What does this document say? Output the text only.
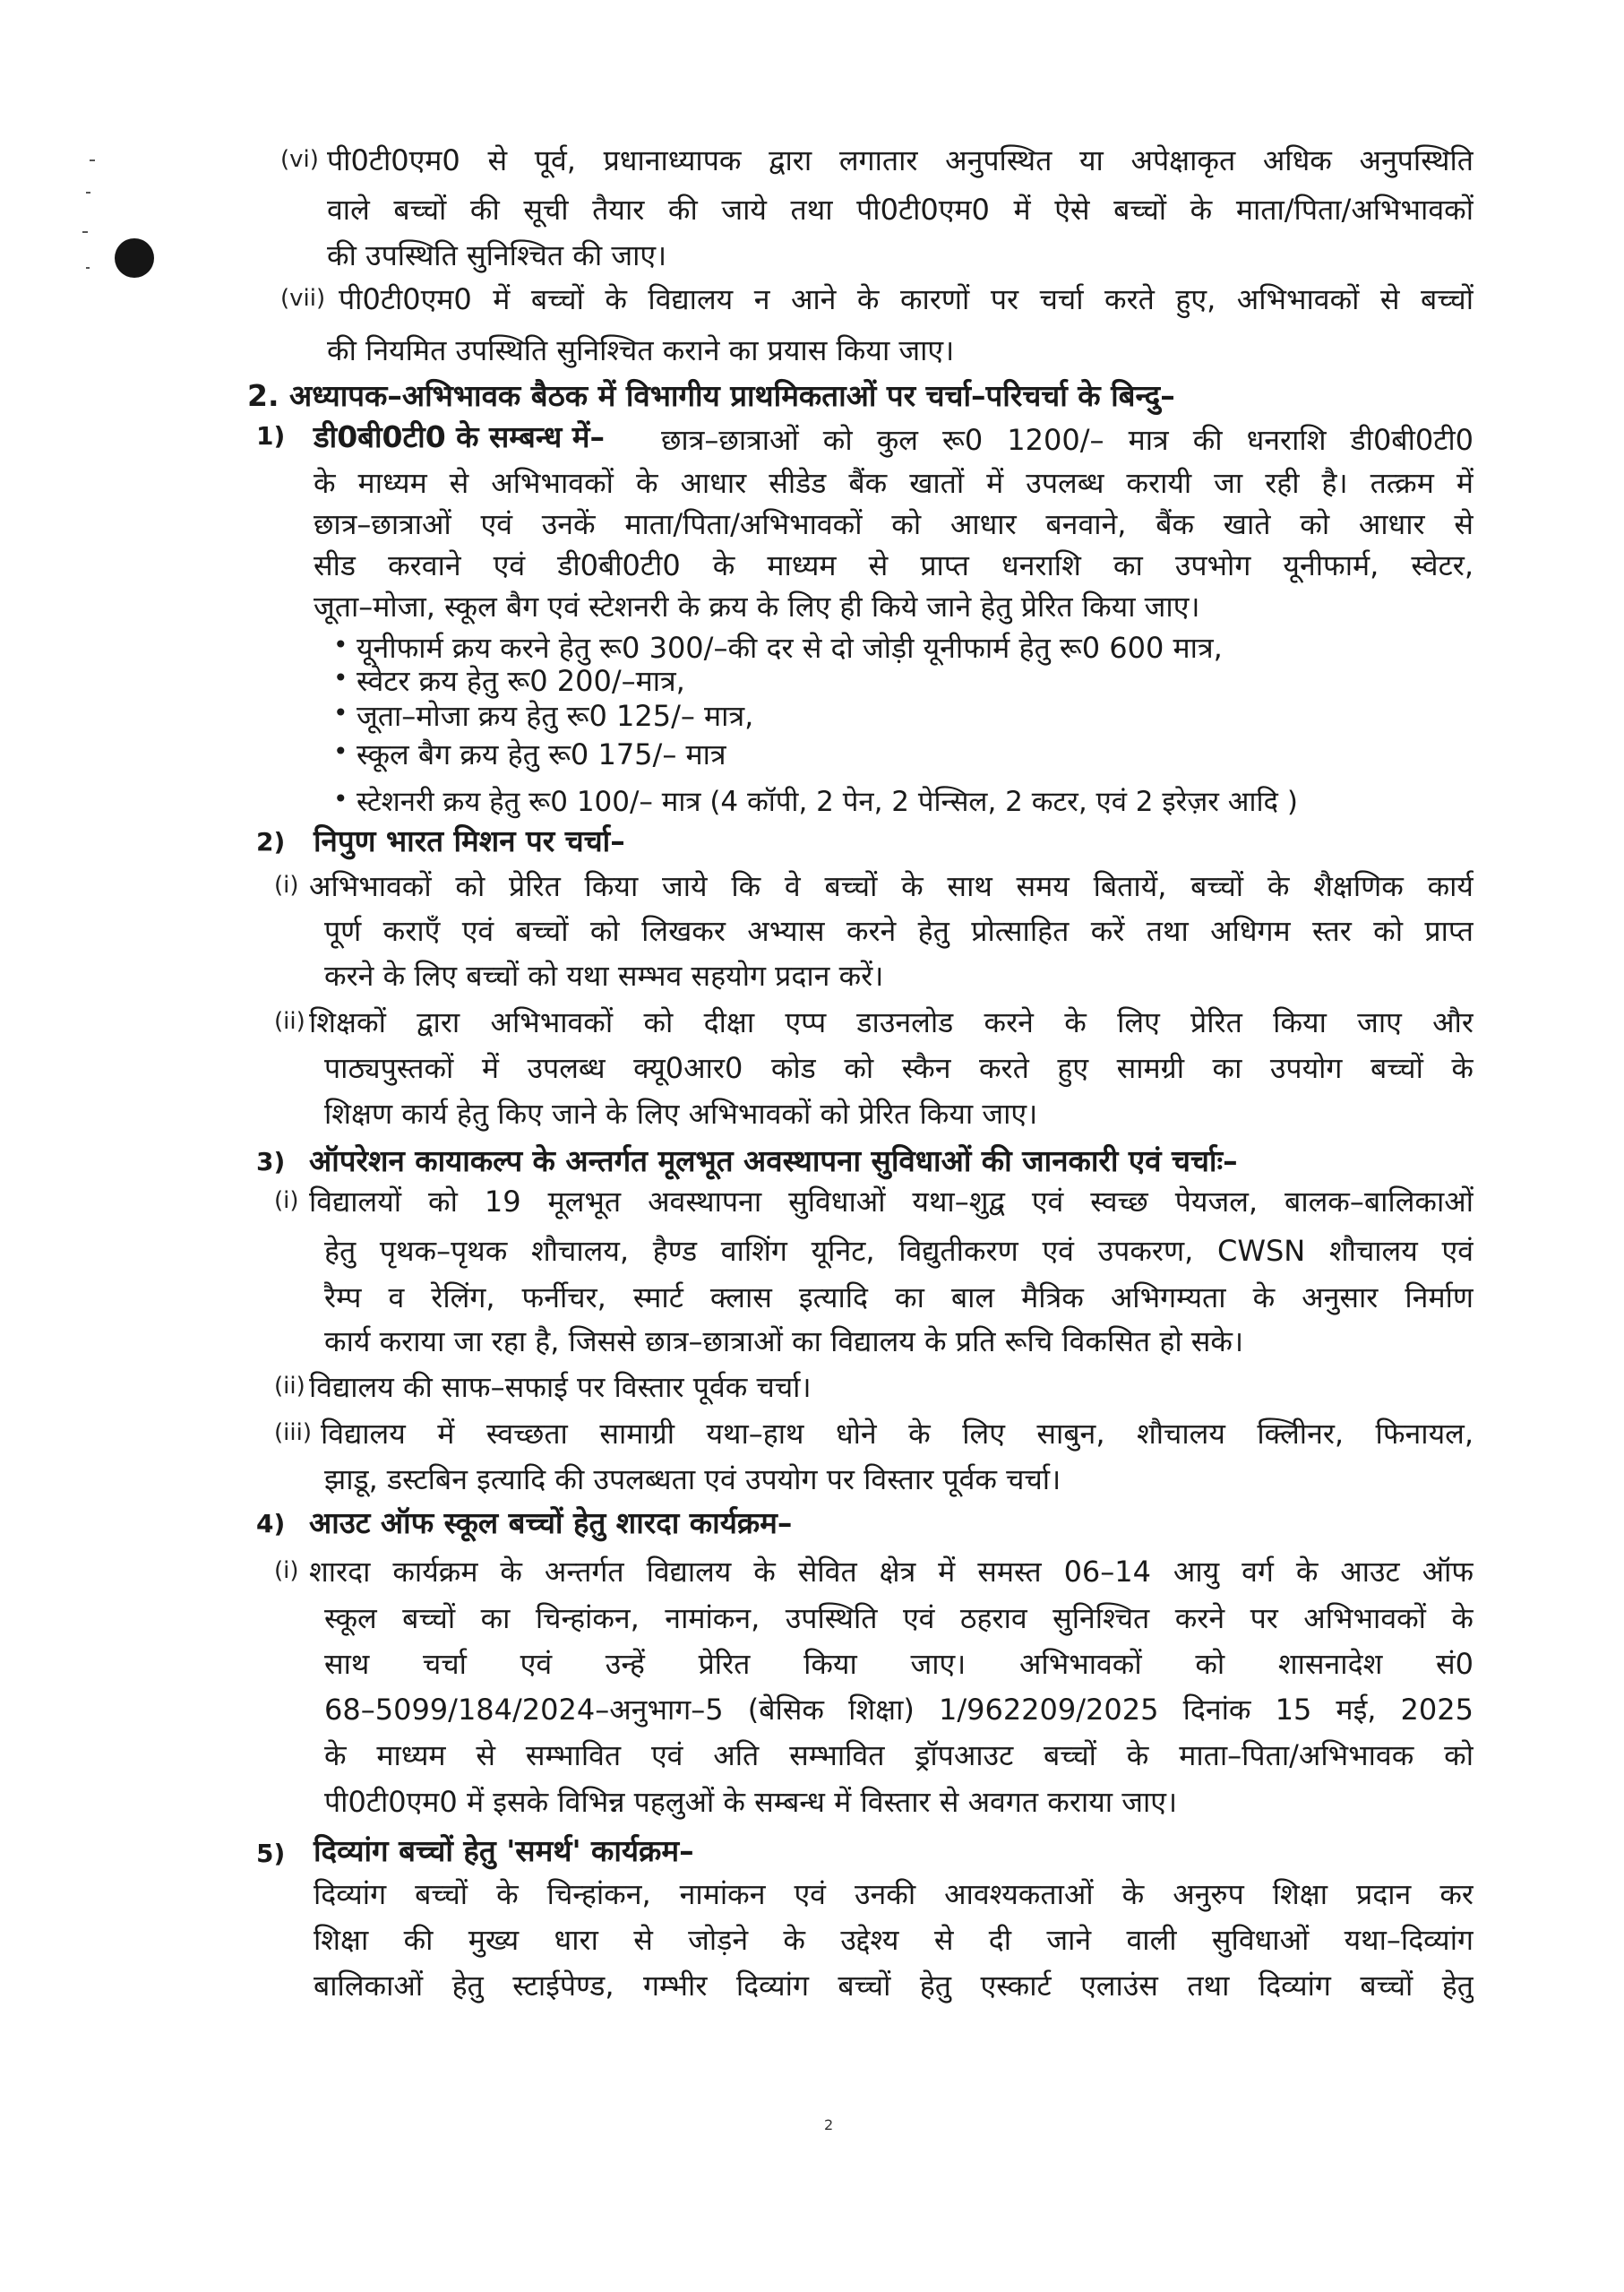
(vi) पी0टी0एम0 से पूर्व, प्रधानाध्यापक द्वारा लगातार अनुपस्थित या अपेक्षाकृत अधिक अनुपस्थिति
वाले बच्चों की सूची तैयार की जाये तथा पी0टी0एम0 में ऐसे बच्चों के माता/पिता/अभिभावकों
की उपस्थिति सुनिश्चित की जाए।
(vii) पी0टी0एम0 में बच्चों के विद्यालय न आने के कारणों पर चर्चा करते हुए, अभिभावकों से बच्चों
की नियमित उपस्थिति सुनिश्चित कराने का प्रयास किया जाए।
2. अध्यापक–अभिभावक बैठक में विभागीय प्राथमिकताओं पर चर्चा–परिचर्चा के बिन्दु–
1) डी0बी0टी0 के सम्बन्ध में– छात्र–छात्राओं को कुल रू0 1200/– मात्र की धनराशि डी0बी0टी0
के माध्यम से अभिभावकों के आधार सीडेड बैंक खातों में उपलब्ध करायी जा रही है। तत्क्रम में
छात्र–छात्राओं एवं उनकें माता/पिता/अभिभावकों को आधार बनवाने, बैंक खाते को आधार से
सीड करवाने एवं डी0बी0टी0 के माध्यम से प्राप्त धनराशि का उपभोग यूनीफार्म, स्वेटर,
जूता–मोजा, स्कूल बैग एवं स्टेशनरी के क्रय के लिए ही किये जाने हेतु प्रेरित किया जाए।
• यूनीफार्म क्रय करने हेतु रू0 300/–की दर से दो जोड़ी यूनीफार्म हेतु रू0 600 मात्र,
• स्वेटर क्रय हेतु रू0 200/–मात्र,
• जूता–मोजा क्रय हेतु रू0 125/– मात्र,
• स्कूल बैग क्रय हेतु रू0 175/– मात्र
• स्टेशनरी क्रय हेतु रू0 100/– मात्र (4 कॉपी, 2 पेन, 2 पेन्सिल, 2 कटर, एवं 2 इरेज़र आदि )
2) निपुण भारत मिशन पर चर्चा–
(i) अभिभावकों को प्रेरित किया जाये कि वे बच्चों के साथ समय बितायें, बच्चों के शैक्षणिक कार्य
पूर्ण कराएँ एवं बच्चों को लिखकर अभ्यास करने हेतु प्रोत्साहित करें तथा अधिगम स्तर को प्राप्त
करने के लिए बच्चों को यथा सम्भव सहयोग प्रदान करें।
(ii) शिक्षकों द्वारा अभिभावकों को दीक्षा एप्प डाउनलोड करने के लिए प्रेरित किया जाए और
पाठ्यपुस्तकों में उपलब्ध क्यू0आर0 कोड को स्कैन करते हुए सामग्री का उपयोग बच्चों के
शिक्षण कार्य हेतु किए जाने के लिए अभिभावकों को प्रेरित किया जाए।
3) ऑपरेशन कायाकल्प के अन्तर्गत मूलभूत अवस्थापना सुविधाओं की जानकारी एवं चर्चाः–
(i) विद्यालयों को 19 मूलभूत अवस्थापना सुविधाओं यथा–शुद्व एवं स्वच्छ पेयजल, बालक–बालिकाओं
हेतु पृथक–पृथक शौचालय, हैण्ड वाशिंग यूनिट, विद्युतीकरण एवं उपकरण, CWSN शौचालय एवं
रैम्प व रेलिंग, फर्नीचर, स्मार्ट क्लास इत्यादि का बाल मैत्रिक अभिगम्यता के अनुसार निर्माण
कार्य कराया जा रहा है, जिससे छात्र–छात्राओं का विद्यालय के प्रति रूचि विकसित हो सके।
(ii) विद्यालय की साफ–सफाई पर विस्तार पूर्वक चर्चा।
(iii) विद्यालय में स्वच्छता सामाग्री यथा–हाथ धोने के लिए साबुन, शौचालय क्लिीनर, फिनायल,
झाडू, डस्टबिन इत्यादि की उपलब्धता एवं उपयोग पर विस्तार पूर्वक चर्चा।
4) आउट ऑफ स्कूल बच्चों हेतु शारदा कार्यक्रम–
(i) शारदा कार्यक्रम के अन्तर्गत विद्यालय के सेवित क्षेत्र में समस्त 06–14 आयु वर्ग के आउट ऑफ
स्कूल बच्चों का चिन्हांकन, नामांकन, उपस्थिति एवं ठहराव सुनिश्चित करने पर अभिभावकों के
साथ चर्चा एवं उन्हें प्रेरित किया जाए। अभिभावकों को शासनादेश सं0
68–5099/184/2024–अनुभाग–5 (बेसिक शिक्षा) 1/962209/2025 दिनांक 15 मई, 2025
के माध्यम से सम्भावित एवं अति सम्भावित ड्रॉपआउट बच्चों के माता–पिता/अभिभावक को
पी0टी0एम0 में इसके विभिन्न पहलुओं के सम्बन्ध में विस्तार से अवगत कराया जाए।
5) दिव्यांग बच्चों हेतु 'समर्थ' कार्यक्रम–
दिव्यांग बच्चों के चिन्हांकन, नामांकन एवं उनकी आवश्यकताओं के अनुरुप शिक्षा प्रदान कर
शिक्षा की मुख्य धारा से जोड़ने के उद्देश्य से दी जाने वाली सुविधाओं यथा–दिव्यांग
बालिकाओं हेतु स्टाईपेण्ड, गम्भीर दिव्यांग बच्चों हेतु एस्कार्ट एलाउंस तथा दिव्यांग बच्चों हेतु
2
